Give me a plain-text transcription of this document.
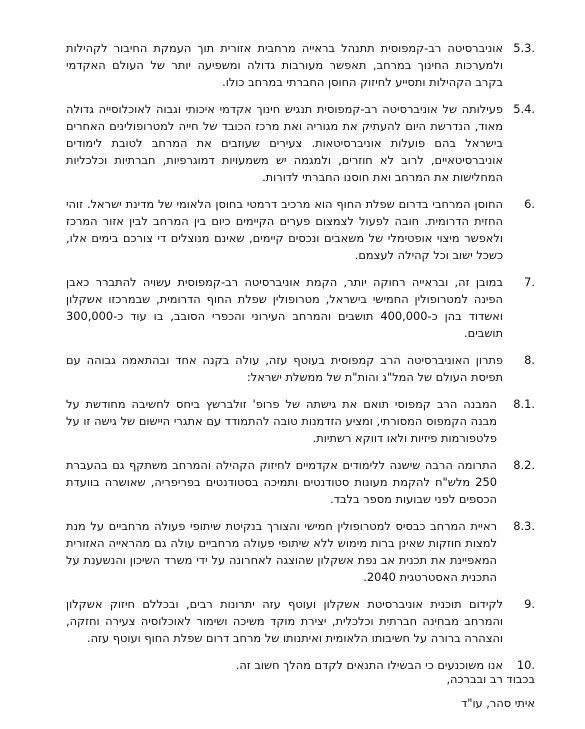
5.3.
אוניברסיטה רב-קמפוסית תתנהל בראייה מרחבית אזורית תוך העמקת החיבור לקהילות ולמערכות החינוך במרחב, תאפשר מעורבות גדולה ומשפיעה יותר של העולם האקדמי בקרב הקהילות ותסייע לחיזוק החוסן החברתי במרחב כולו.
5.4.
פעילותה של אוניברסיטה רב-קמפוסית תנגיש חינוך אקדמי איכותי וגבוה לאוכלוסייה גדולה מאוד, הנדרשת היום להעתיק את מגוריה ואת מרכז הכובד של חייה למטרופולינים האחרים בישראל בהם פועלות אוניברסיטאות. צעירים שעוזבים את המרחב לטובת לימודים אוניברסיטאיים, לרוב לא חוזרים, ולמגמה יש משמעויות דמוגרפיות, חברתיות וכלכליות המחלישות את המרחב ואת חוסנו החברתי לדורות.
6.
החוסן המרחבי בדרום שפלת החוף הוא מרכיב דרמטי בחוסן הלאומי של מדינת ישראל. זוהי החזית הדרומית. חובה לפעול לצמצום פערים הקיימים כיום בין המרחב לבין אזור המרכז ולאפשר מיצוי אופטימלי של משאבים ונכסים קיימים, שאינם מנוצלים די צורכם בימים אלו, כשכל ישוב וכל קהילה לעצמם.
7.
במובן זה, ובראייה רחוקה יותר, הקמת אוניברסיטה רב-קמפוסית עשויה להתברר כאבן הפינה למטרופולין החמישי בישראל, מטרופולין שפלת החוף הדרומית, שבמרכזו אשקלון ואשדוד בהן כ-400,000 תושבים והמרחב העירוני והכפרי הסובב, בו עוד כ-300,000 תושבים.
8.
פתרון האוניברסיטה הרב קמפוסית בעוטף עזה, עולה בקנה אחד ובהתאמה גבוהה עם תפיסת העולם של המל"ג והות"ת של ממשלת ישראל:
8.1.
המבנה הרב קמפוסי תואם את גישתה של פרופ' זולברשץ ביחס לחשיבה מחודשת על מבנה הקמפוס המסורתי, ומציע הזדמנות טובה להתמודד עם אתגרי היישום של גישה זו על פלטפורמות פיזיות ולאו דווקא רשתיות.
8.2.
התרומה הרבה שישנה ללימודים אקדמיים לחיזוק הקהילה והמרחב משתקף גם בהעברת 250 מלש"ח להקמת מעונות סטודנטים ותמיכה בסטודנטים בפריפריה, שאושרה בוועדת הכספים לפני שבועות מספר בלבד.
8.3.
ראיית המרחב כבסיס למטרופולין חמישי והצורך בנקיטת שיתופי פעולה מרחביים על מנת למצות חוזקות שאינן ברות מימוש ללא שיתופי פעולה מרחביים עולה גם מהראייה האזורית המאפיינת את תכנית אב נפת אשקלון שהוצגה לאחרונה על ידי משרד השיכון והנשענת על התכנית האסטרטגית 2040.
9.
לקידום תוכנית אוניברסיטת אשקלון ועוטף עזה יתרונות רבים, ובכללם חיזוק אשקלון והמרחב מבחינה חברתית וכלכלית, יצירת מוקד משיכה ושימור לאוכלוסיה צעירה וחזקה, והצהרה ברורה על חשיבותו הלאומית ואיתנותו של מרחב דרום שפלת החוף ועוטף עזה.
10.
אנו משוכנעים כי הבשילו התנאים לקדם מהלך חשוב זה.
בכבוד רב ובברכה,
איתי סהר, עו"ד
